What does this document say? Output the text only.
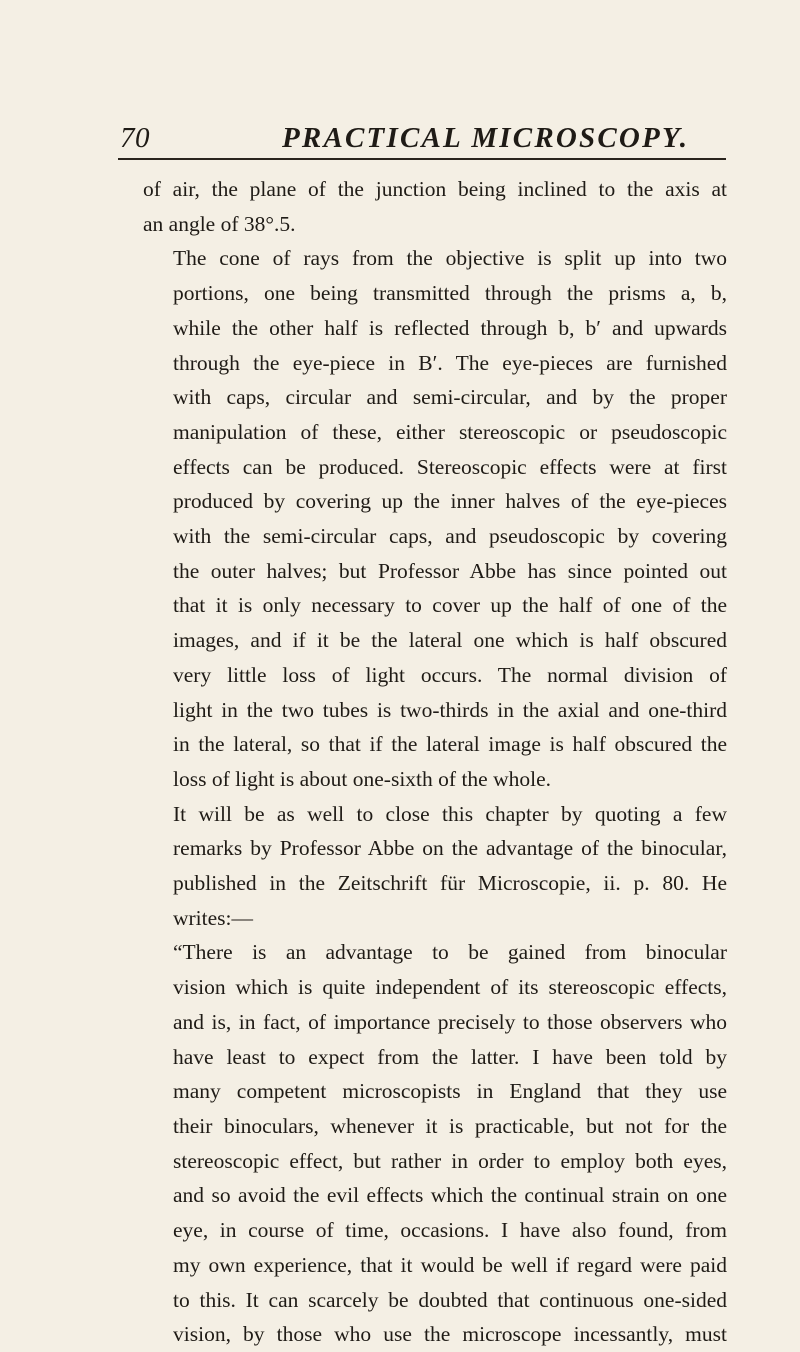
70	PRACTICAL MICROSCOPY.

of air, the plane of the junction being inclined to the axis at
an angle of 38°.5.

The cone of rays from the objective is split up into two
portions, one being transmitted through the prisms a, b,
while the other half is reflected through b, b′ and upwards
through the eye-piece in B′. The eye-pieces are furnished
with caps, circular and semi-circular, and by the proper
manipulation of these, either stereoscopic or pseudoscopic
effects can be produced. Stereoscopic effects were at first
produced by covering up the inner halves of the eye-pieces
with the semi-circular caps, and pseudoscopic by covering
the outer halves; but Professor Abbe has since pointed out
that it is only necessary to cover up the half of one of the
images, and if it be the lateral one which is half obscured
very little loss of light occurs. The normal division of
light in the two tubes is two-thirds in the axial and one-third
in the lateral, so that if the lateral image is half obscured the
loss of light is about one-sixth of the whole.

It will be as well to close this chapter by quoting a few
remarks by Professor Abbe on the advantage of the binocular,
published in the Zeitschrift für Microscopie, ii. p. 80. He
writes:—

“There is an advantage to be gained from binocular
vision which is quite independent of its stereoscopic effects,
and is, in fact, of importance precisely to those observers who
have least to expect from the latter. I have been told by
many competent microscopists in England that they use
their binoculars, whenever it is practicable, but not for the
stereoscopic effect, but rather in order to employ both eyes,
and so avoid the evil effects which the continual strain on one
eye, in course of time, occasions. I have also found, from
my own experience, that it would be well if regard were paid
to this. It can scarcely be doubted that continuous one-sided
vision, by those who use the microscope incessantly, must
